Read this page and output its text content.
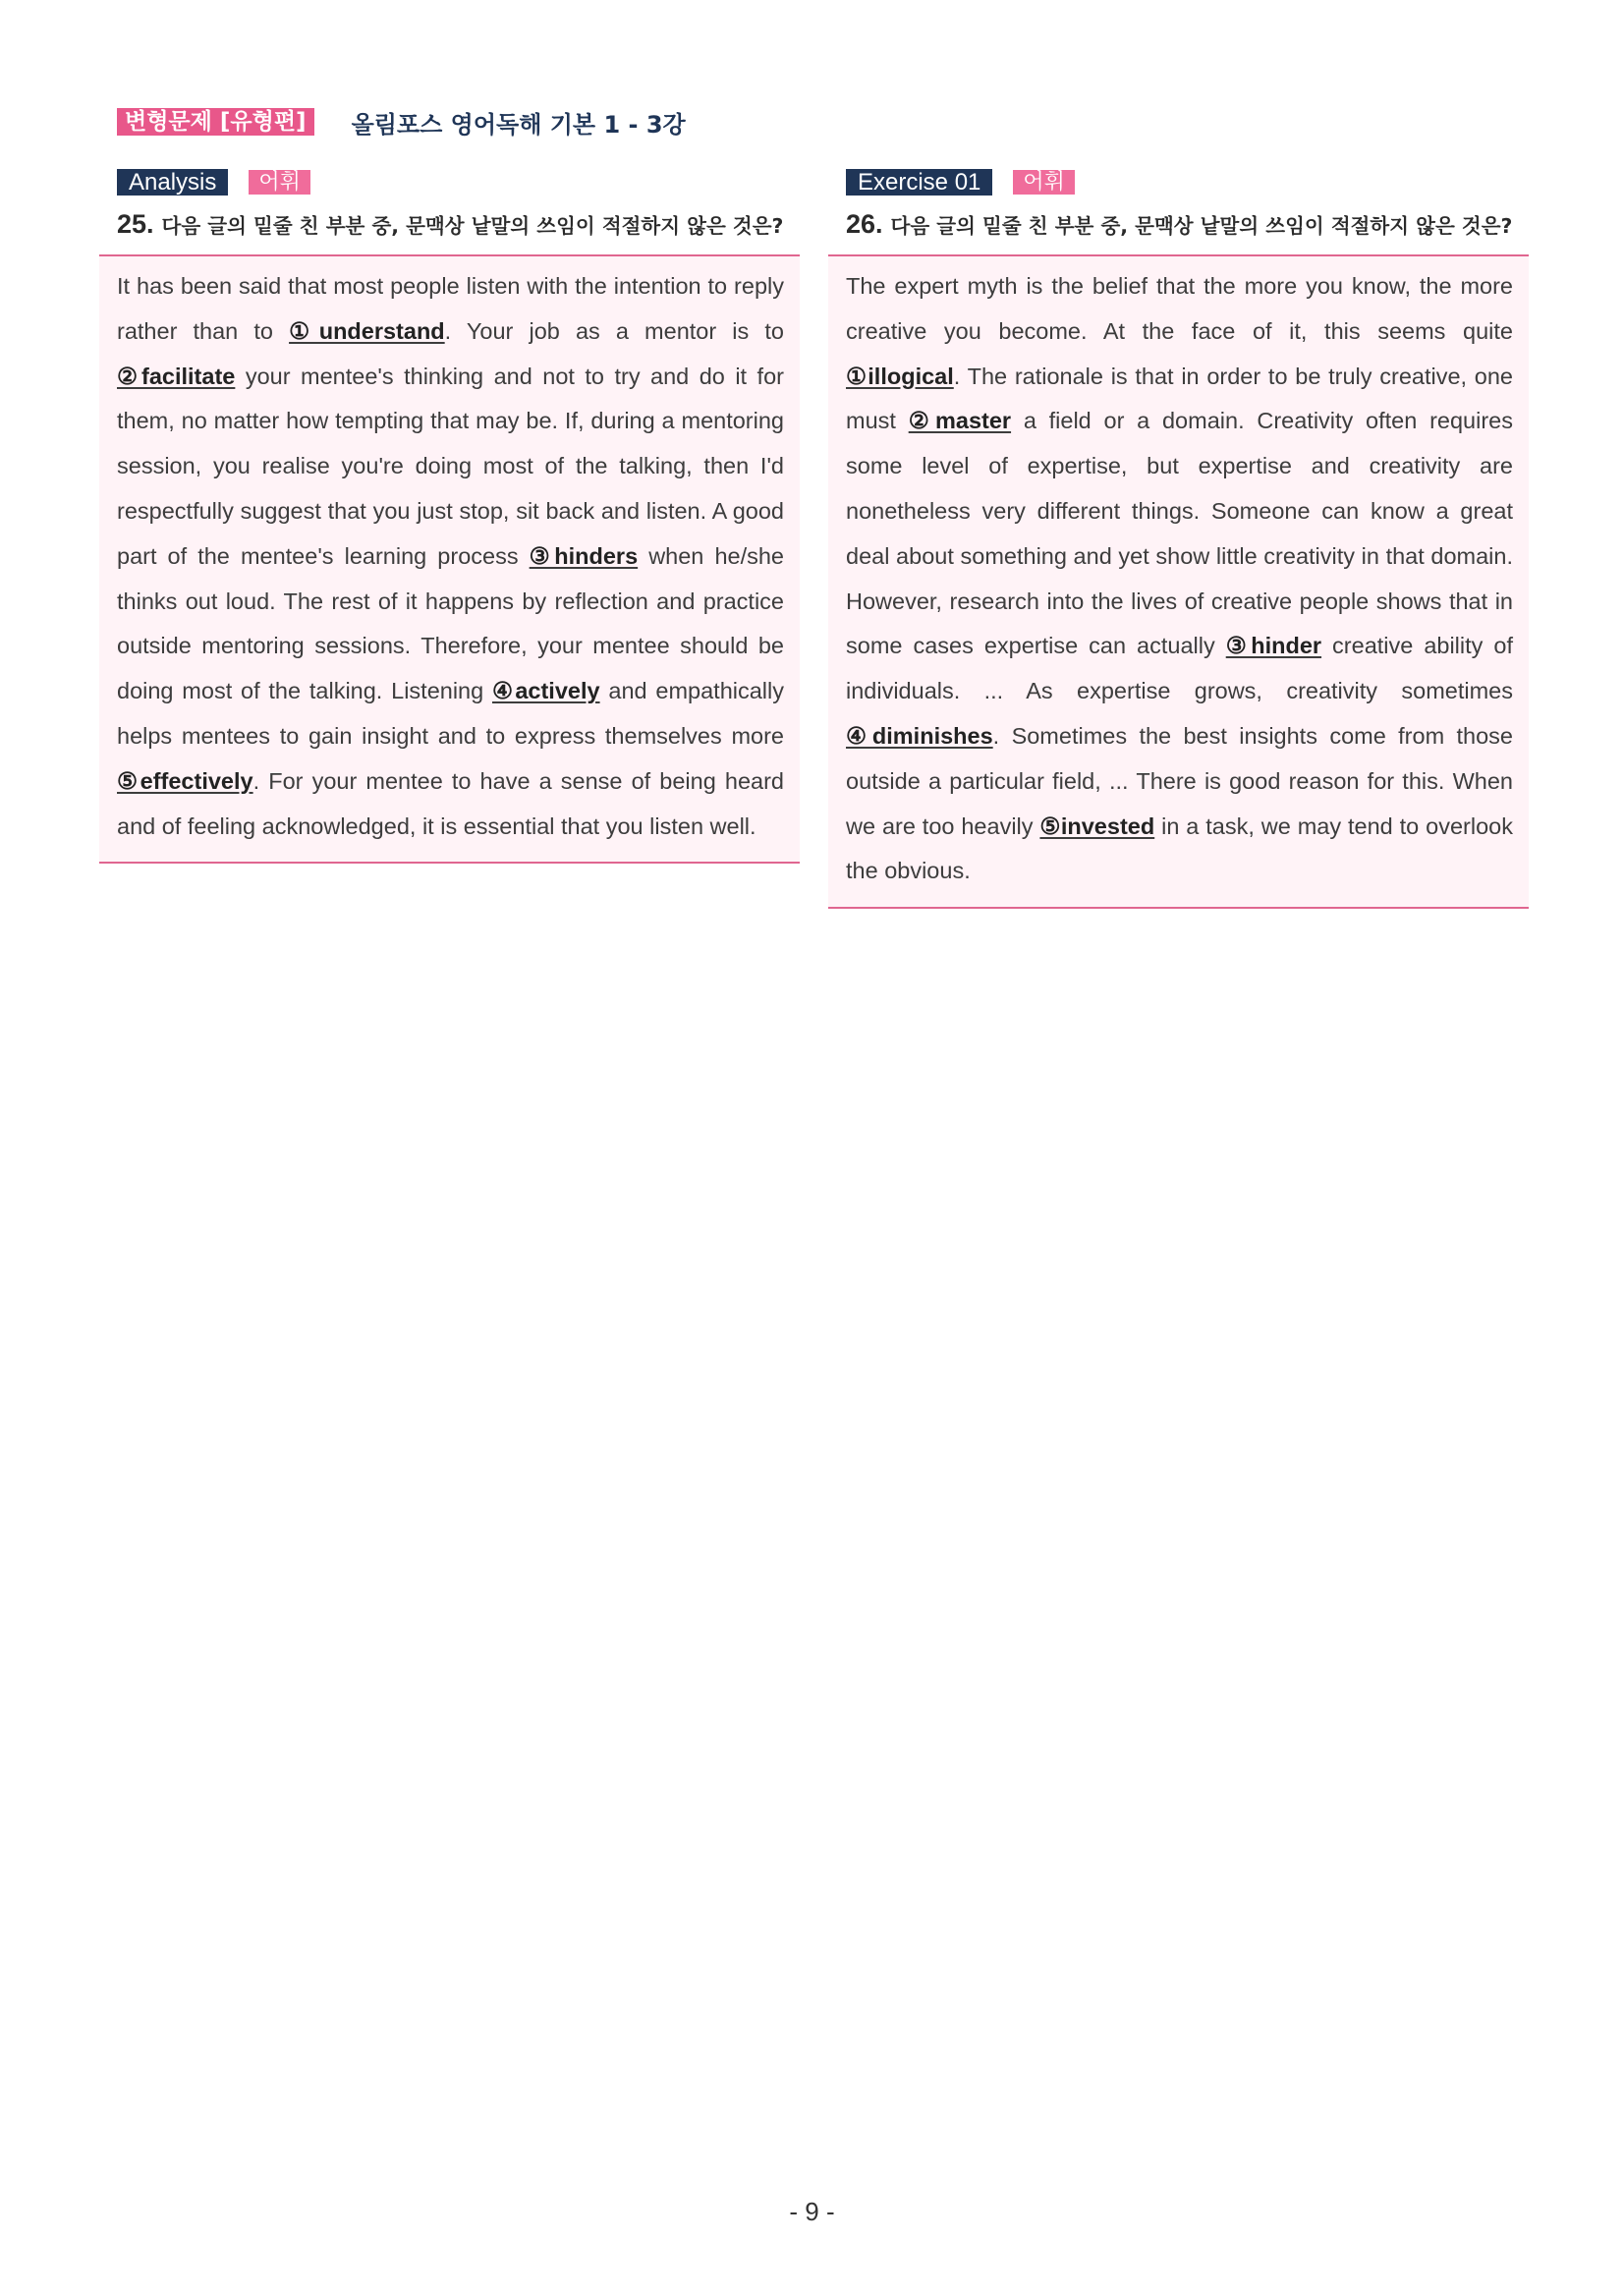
변형문제 [유형편]	올림포스 영어독해 기본 1 - 3강
Analysis	어휘
25. 다음 글의 밑줄 친 부분 중, 문맥상 낱말의 쓰임이 적절하지 않은 것은?
It has been said that most people listen with the intention to reply rather than to ①understand. Your job as a mentor is to ②facilitate your mentee's thinking and not to try and do it for them, no matter how tempting that may be. If, during a mentoring session, you realise you're doing most of the talking, then I'd respectfully suggest that you just stop, sit back and listen. A good part of the mentee's learning process ③hinders when he/she thinks out loud. The rest of it happens by reflection and practice outside mentoring sessions. Therefore, your mentee should be doing most of the talking. Listening ④actively and empathically helps mentees to gain insight and to express themselves more ⑤effectively. For your mentee to have a sense of being heard and of feeling acknowledged, it is essential that you listen well.
Exercise 01	어휘
26. 다음 글의 밑줄 친 부분 중, 문맥상 낱말의 쓰임이 적절하지 않은 것은?
The expert myth is the belief that the more you know, the more creative you become. At the face of it, this seems quite ①illogical. The rationale is that in order to be truly creative, one must ②master a field or a domain. Creativity often requires some level of expertise, but expertise and creativity are nonetheless very different things. Someone can know a great deal about something and yet show little creativity in that domain. However, research into the lives of creative people shows that in some cases expertise can actually ③hinder creative ability of individuals. ... As expertise grows, creativity sometimes ④diminishes. Sometimes the best insights come from those outside a particular field, ... There is good reason for this. When we are too heavily ⑤invested in a task, we may tend to overlook the obvious.
- 9 -
